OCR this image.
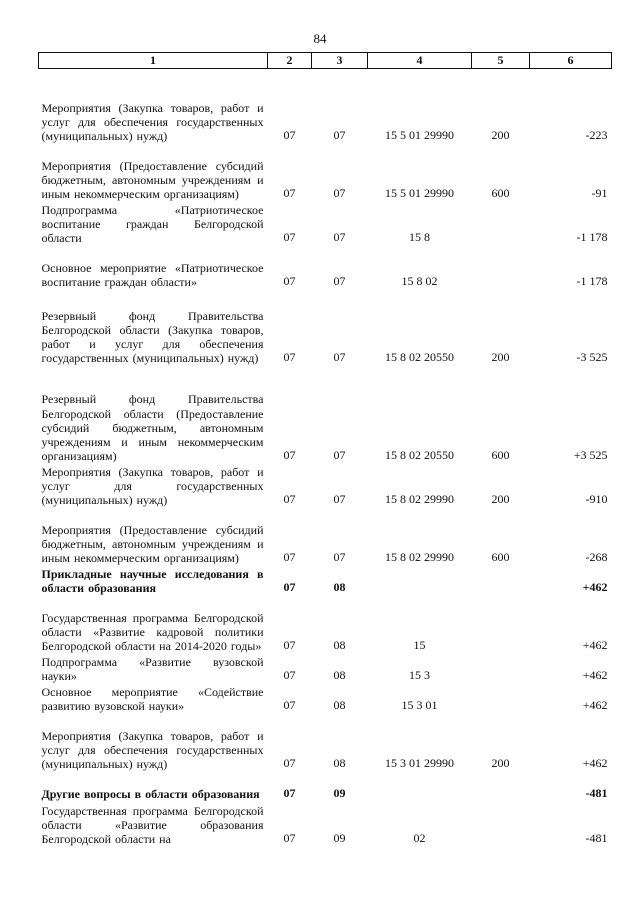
84
1	2	3	4	5	6
Мероприятия (Закупка товаров, работ и услуг для обеспечения государственных (муниципальных) нужд)	07	07	15 5 01 29990	200	-223
Мероприятия (Предоставление субсидий бюджетным, автономным учреждениям и иным некоммерческим организациям)	07	07	15 5 01 29990	600	-91
Подпрограмма «Патриотическое воспитание граждан Белгородской области	07	07	15 8		-1 178
Основное мероприятие «Патриотическое воспитание граждан области»	07	07	15 8 02		-1 178
Резервный фонд Правительства Белгородской области (Закупка товаров, работ и услуг для обеспечения государственных (муниципальных) нужд)	07	07	15 8 02 20550	200	-3 525
Резервный фонд Правительства Белгородской области (Предоставление субсидий бюджетным, автономным учреждениям и иным некоммерческим организациям)	07	07	15 8 02 20550	600	+3 525
Мероприятия (Закупка товаров, работ и услуг для государственных (муниципальных) нужд)	07	07	15 8 02 29990	200	-910
Мероприятия (Предоставление субсидий бюджетным, автономным учреждениям и иным некоммерческим организациям)	07	07	15 8 02 29990	600	-268
Прикладные научные исследования в области образования	07	08			+462
Государственная программа Белгородской области «Развитие кадровой политики Белгородской области на 2014-2020 годы»	07	08	15		+462
Подпрограмма «Развитие вузовской науки»	07	08	15 3		+462
Основное мероприятие «Содействие развитию вузовской науки»	07	08	15 3 01		+462
Мероприятия (Закупка товаров, работ и услуг для обеспечения государственных (муниципальных) нужд)	07	08	15 3 01 29990	200	+462
Другие вопросы в области образования	07	09			-481
Государственная программа Белгородской области «Развитие образования Белгородской области на	07	09	02		-481
